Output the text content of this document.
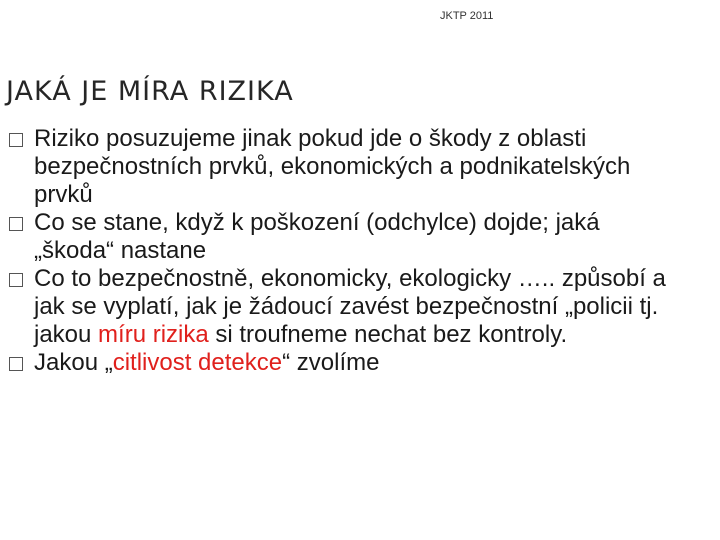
JKTP 2011
JAKÁ JE MÍRA RIZIKA
Riziko posuzujeme jinak pokud jde o škody z oblasti bezpečnostních prvků, ekonomických a podnikatelských prvků
Co se stane, když k poškození (odchylce) dojde; jaká „škoda“ nastane
Co to bezpečnostně, ekonomicky, ekologicky ….. způsobí a jak se vyplatí, jak je žádoucí zavést bezpečnostní „policii tj. jakou míru rizika si troufneme nechat bez kontroly.
Jakou „citlivost detekce“ zvolíme
